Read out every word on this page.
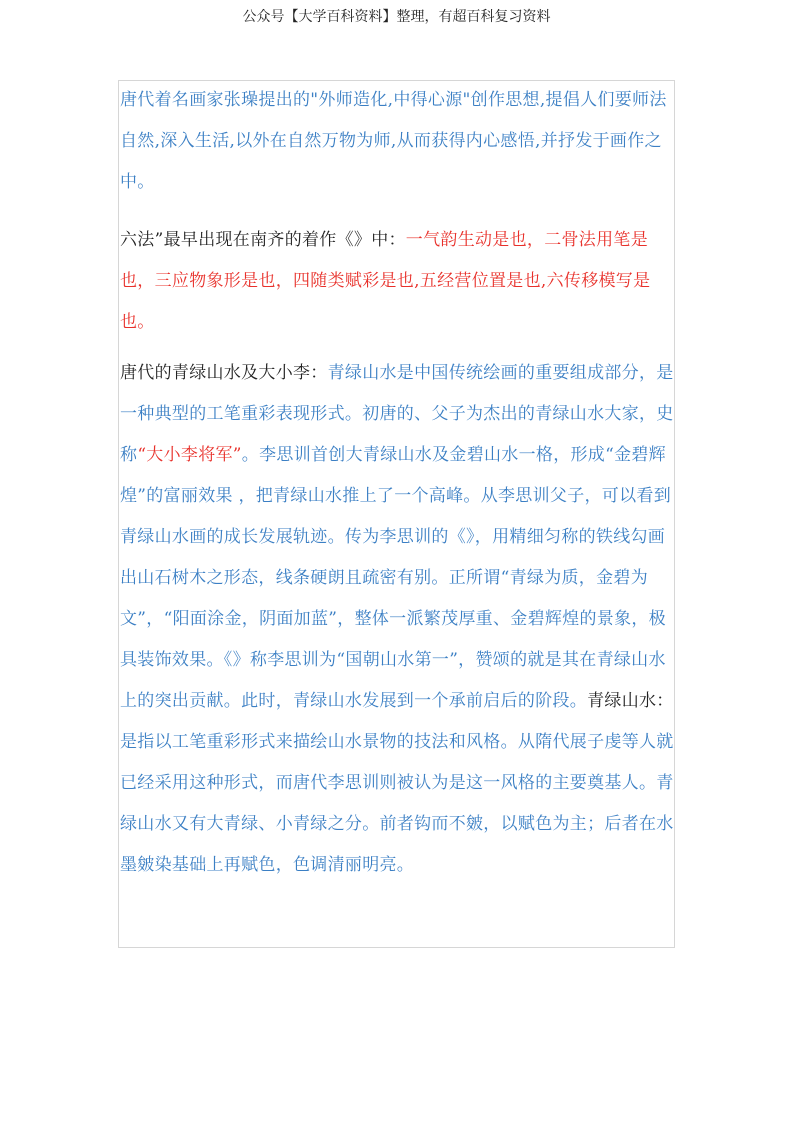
公众号【大学百科资料】整理，有超百科复习资料

唐代着名画家张璪提出的"外师造化,中得心源"创作思想,提倡人们要师法自然,深入生活,以外在自然万物为师,从而获得内心感悟,并抒发于画作之中。

六法”最早出现在南齐的着作《》中：一气韵生动是也，二骨法用笔是也，三应物象形是也，四随类赋彩是也,五经营位置是也,六传移模写是也。

唐代的青绿山水及大小李：青绿山水是中国传统绘画的重要组成部分，是一种典型的工笔重彩表现形式。初唐的、父子为杰出的青绿山水大家，史称“大小李将军”。李思训首创大青绿山水及金碧山水一格，形成“金碧辉煌”的富丽效果 ，把青绿山水推上了一个高峰。从李思训父子，可以看到青绿山水画的成长发展轨迹。传为李思训的《》，用精细匀称的铁线勾画出山石树木之形态，线条硬朗且疏密有别。正所谓“青绿为质，金碧为文”，“阳面涂金，阴面加蓝”，整体一派繁茂厚重、金碧辉煌的景象，极具装饰效果。《》称李思训为“国朝山水第一”，赞颂的就是其在青绿山水上的突出贡献。此时，青绿山水发展到一个承前启后的阶段。青绿山水：是指以工笔重彩形式来描绘山水景物的技法和风格。从隋代展子虔等人就已经采用这种形式，而唐代李思训则被认为是这一风格的主要奠基人。青绿山水又有大青绿、小青绿之分。前者钩而不皴，以赋色为主；后者在水墨皴染基础上再赋色，色调清丽明亮。
